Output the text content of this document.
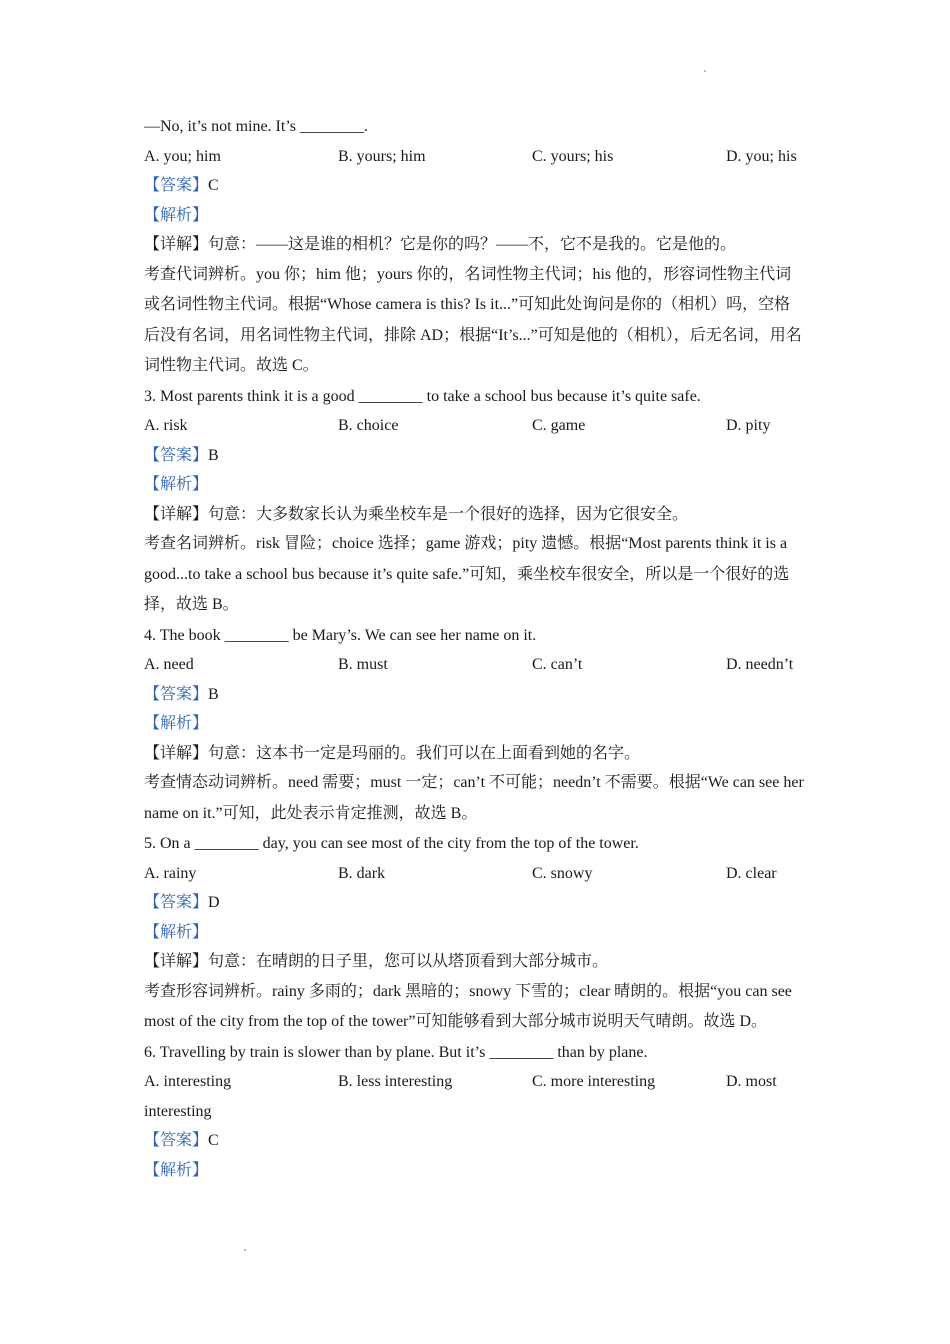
—No, it’s not mine. It’s ________.
A. you; him	B. yours; him	C. yours; his	D. you; his
【答案】C
【解析】
【详解】句意：——这是谁的相机？它是你的吗？——不，它不是我的。它是他的。
考查代词辨析。you 你；him 他；yours 你的，名词性物主代词；his 他的，形容词性物主代词或名词性物主代词。根据“Whose camera is this? Is it...”可知此处询问是你的（相机）吗，空格后没有名词，用名词性物主代词，排除 AD；根据“It’s...”可知是他的（相机），后无名词，用名词性物主代词。故选 C。
3. Most parents think it is a good ________ to take a school bus because it’s quite safe.
A. risk	B. choice	C. game	D. pity
【答案】B
【解析】
【详解】句意：大多数家长认为乘坐校车是一个很好的选择，因为它很安全。
考查名词辨析。risk 冒险；choice 选择；game 游戏；pity 遗憾。根据“Most parents think it is a good...to take a school bus because it’s quite safe.”可知，乘坐校车很安全，所以是一个很好的选择，故选 B。
4. The book ________ be Mary’s. We can see her name on it.
A. need	B. must	C. can’t	D. needn’t
【答案】B
【解析】
【详解】句意：这本书一定是玛丽的。我们可以在上面看到她的名字。
考查情态动词辨析。need 需要；must 一定；can’t 不可能；needn’t 不需要。根据“We can see her name on it.”可知，此处表示肯定推测，故选 B。
5. On a ________ day, you can see most of the city from the top of the tower.
A. rainy	B. dark	C. snowy	D. clear
【答案】D
【解析】
【详解】句意：在晴朗的日子里，您可以从塔顶看到大部分城市。
考查形容词辨析。rainy 多雨的；dark 黑暗的；snowy 下雪的；clear 晴朗的。根据“you can see most of the city from the top of the tower”可知能够看到大部分城市说明天气晴朗。故选 D。
6. Travelling by train is slower than by plane. But it’s ________ than by plane.
A. interesting	B. less interesting	C. more interesting	D. most
interesting
【答案】C
【解析】
